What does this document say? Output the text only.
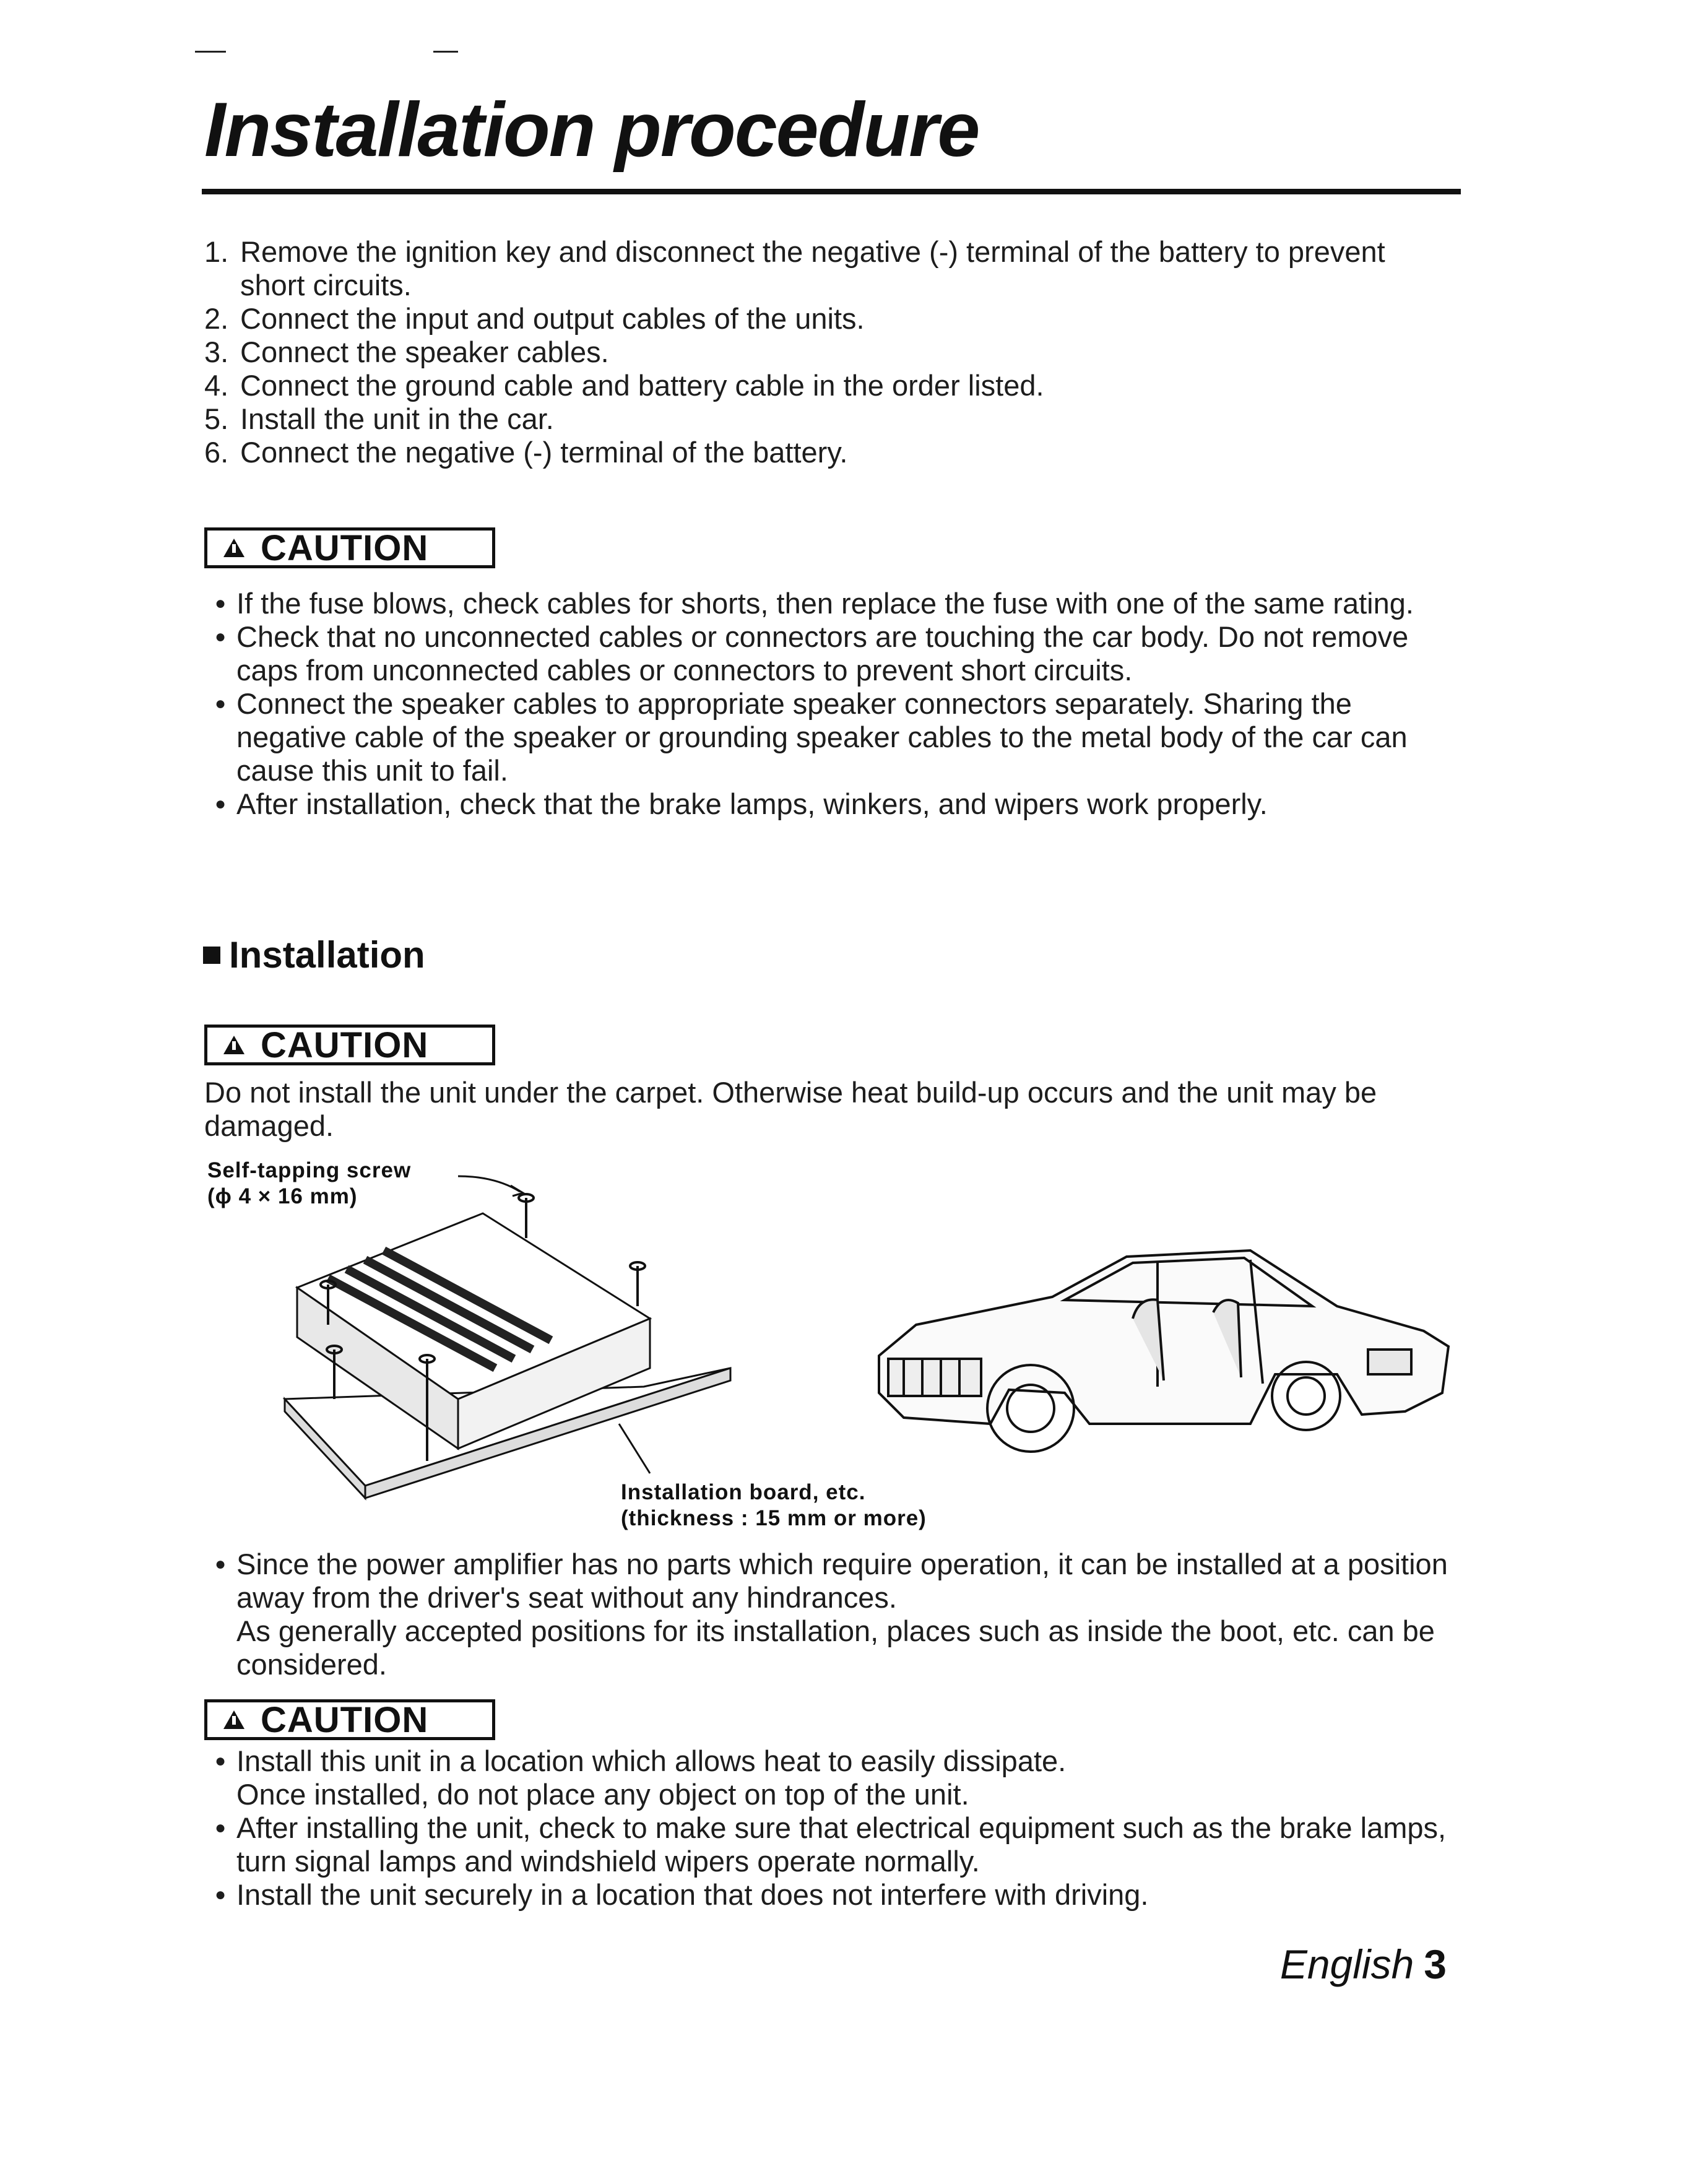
Installation procedure
1. Remove the ignition key and disconnect the negative (-) terminal of the battery to prevent short circuits.
2. Connect the input and output cables of the units.
3. Connect the speaker cables.
4. Connect the ground cable and battery cable in the order listed.
5. Install the unit in the car.
6. Connect the negative (-) terminal of the battery.
CAUTION
● If the fuse blows, check cables for shorts, then replace the fuse with one of the same rating.
● Check that no unconnected cables or connectors are touching the car body. Do not remove caps from unconnected cables or connectors to prevent short circuits.
● Connect the speaker cables to appropriate speaker connectors separately. Sharing the negative cable of the speaker or grounding speaker cables to the metal body of the car can cause this unit to fail.
● After installation, check that the brake lamps, winkers, and wipers work properly.
Installation
CAUTION
Do not install the unit under the carpet. Otherwise heat build-up occurs and the unit may be damaged.
Self-tapping screw
(ϕ 4 × 16 mm)
Installation board, etc.
(thickness : 15 mm or more)
● Since the power amplifier has no parts which require operation, it can be installed at a position away from the driver's seat without any hindrances.
As generally accepted positions for its installation, places such as inside the boot, etc. can be considered.
CAUTION
● Install this unit in a location which allows heat to easily dissipate.
Once installed, do not place any object on top of the unit.
● After installing the unit, check to make sure that electrical equipment such as the brake lamps, turn signal lamps and windshield wipers operate normally.
● Install the unit securely in a location that does not interfere with driving.
English 3
